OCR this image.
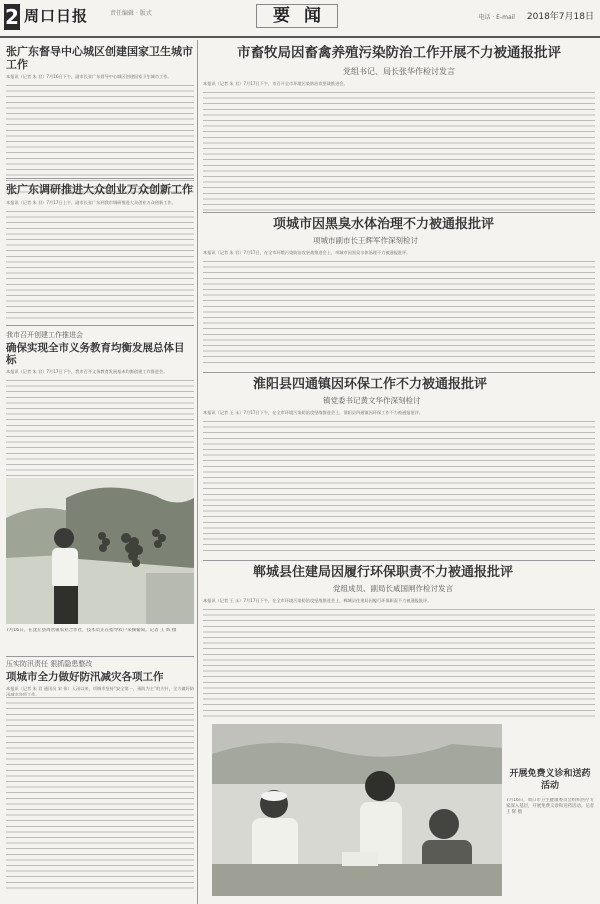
2 周口日报	责任编辑 · 版式	要闻	电话 · E-mail 2018年7月18日
张广东督导中心城区创建国家卫生城市工作
本报讯（记者 朱 君）7月16日下午，副市长张广东督导中心城区创建国家卫生城市工作。
张广东调研推进大众创业万众创新工作
本报讯（记者 朱 君）7月17日上午，副市长张广东到我市调研推进大众创业万众创新工作。
我市召开创建工作推进会
确保实现全市义务教育均衡发展总体目标
本报讯（记者 朱 君）7月17日下午，我市召开义务教育发展基本均衡创建工作推进会。
7月16日，在沈丘县周营镇农业合作社，技术员正在指导农户采摘葡萄。记者 王 辉 摄
压实防汛责任 狠抓隐患整改
项城市全力做好防汛减灾各项工作
本报讯（记者 朱 君 通讯员 宋 伟）入汛以来，项城市坚持“安全第一，预防为主”的方针，全力做好防汛减灾各项工作。
市畜牧局因畜禽养殖污染防治工作开展不力被通报批评
党组书记、局长张华作检讨发言
本报讯（记者 朱 君）7月17日下午，市召开全市环境污染防治攻坚战推进会。
项城市因黑臭水体治理不力被通报批评
项城市副市长王辉军作深刻检讨
本报讯（记者 朱 君）7月17日，在全市环境污染防治攻坚战推进会上，项城市因黑臭水体治理不力被通报批评。
淮阳县四通镇因环保工作不力被通报批评
镇党委书记黄文华作深刻检讨
本报讯（记者 王 永）7月17日下午，在全市环境污染防治攻坚战推进会上，淮阳县四通镇因环保工作不力被通报批评。
郸城县住建局因履行环保职责不力被通报批评
党组成员、副局长咸国闸作检讨发言
本报讯（记者 王 永）7月17日下午，在全市环境污染防治攻坚战推进会上，郸城县住建局因履行环保职责不力被通报批评。
开展免费义诊和送药活动
7月16日，周口市卫生健康委员会组织医疗专家深入基层，开展免费义诊和送药活动。记者 王 辉 摄
